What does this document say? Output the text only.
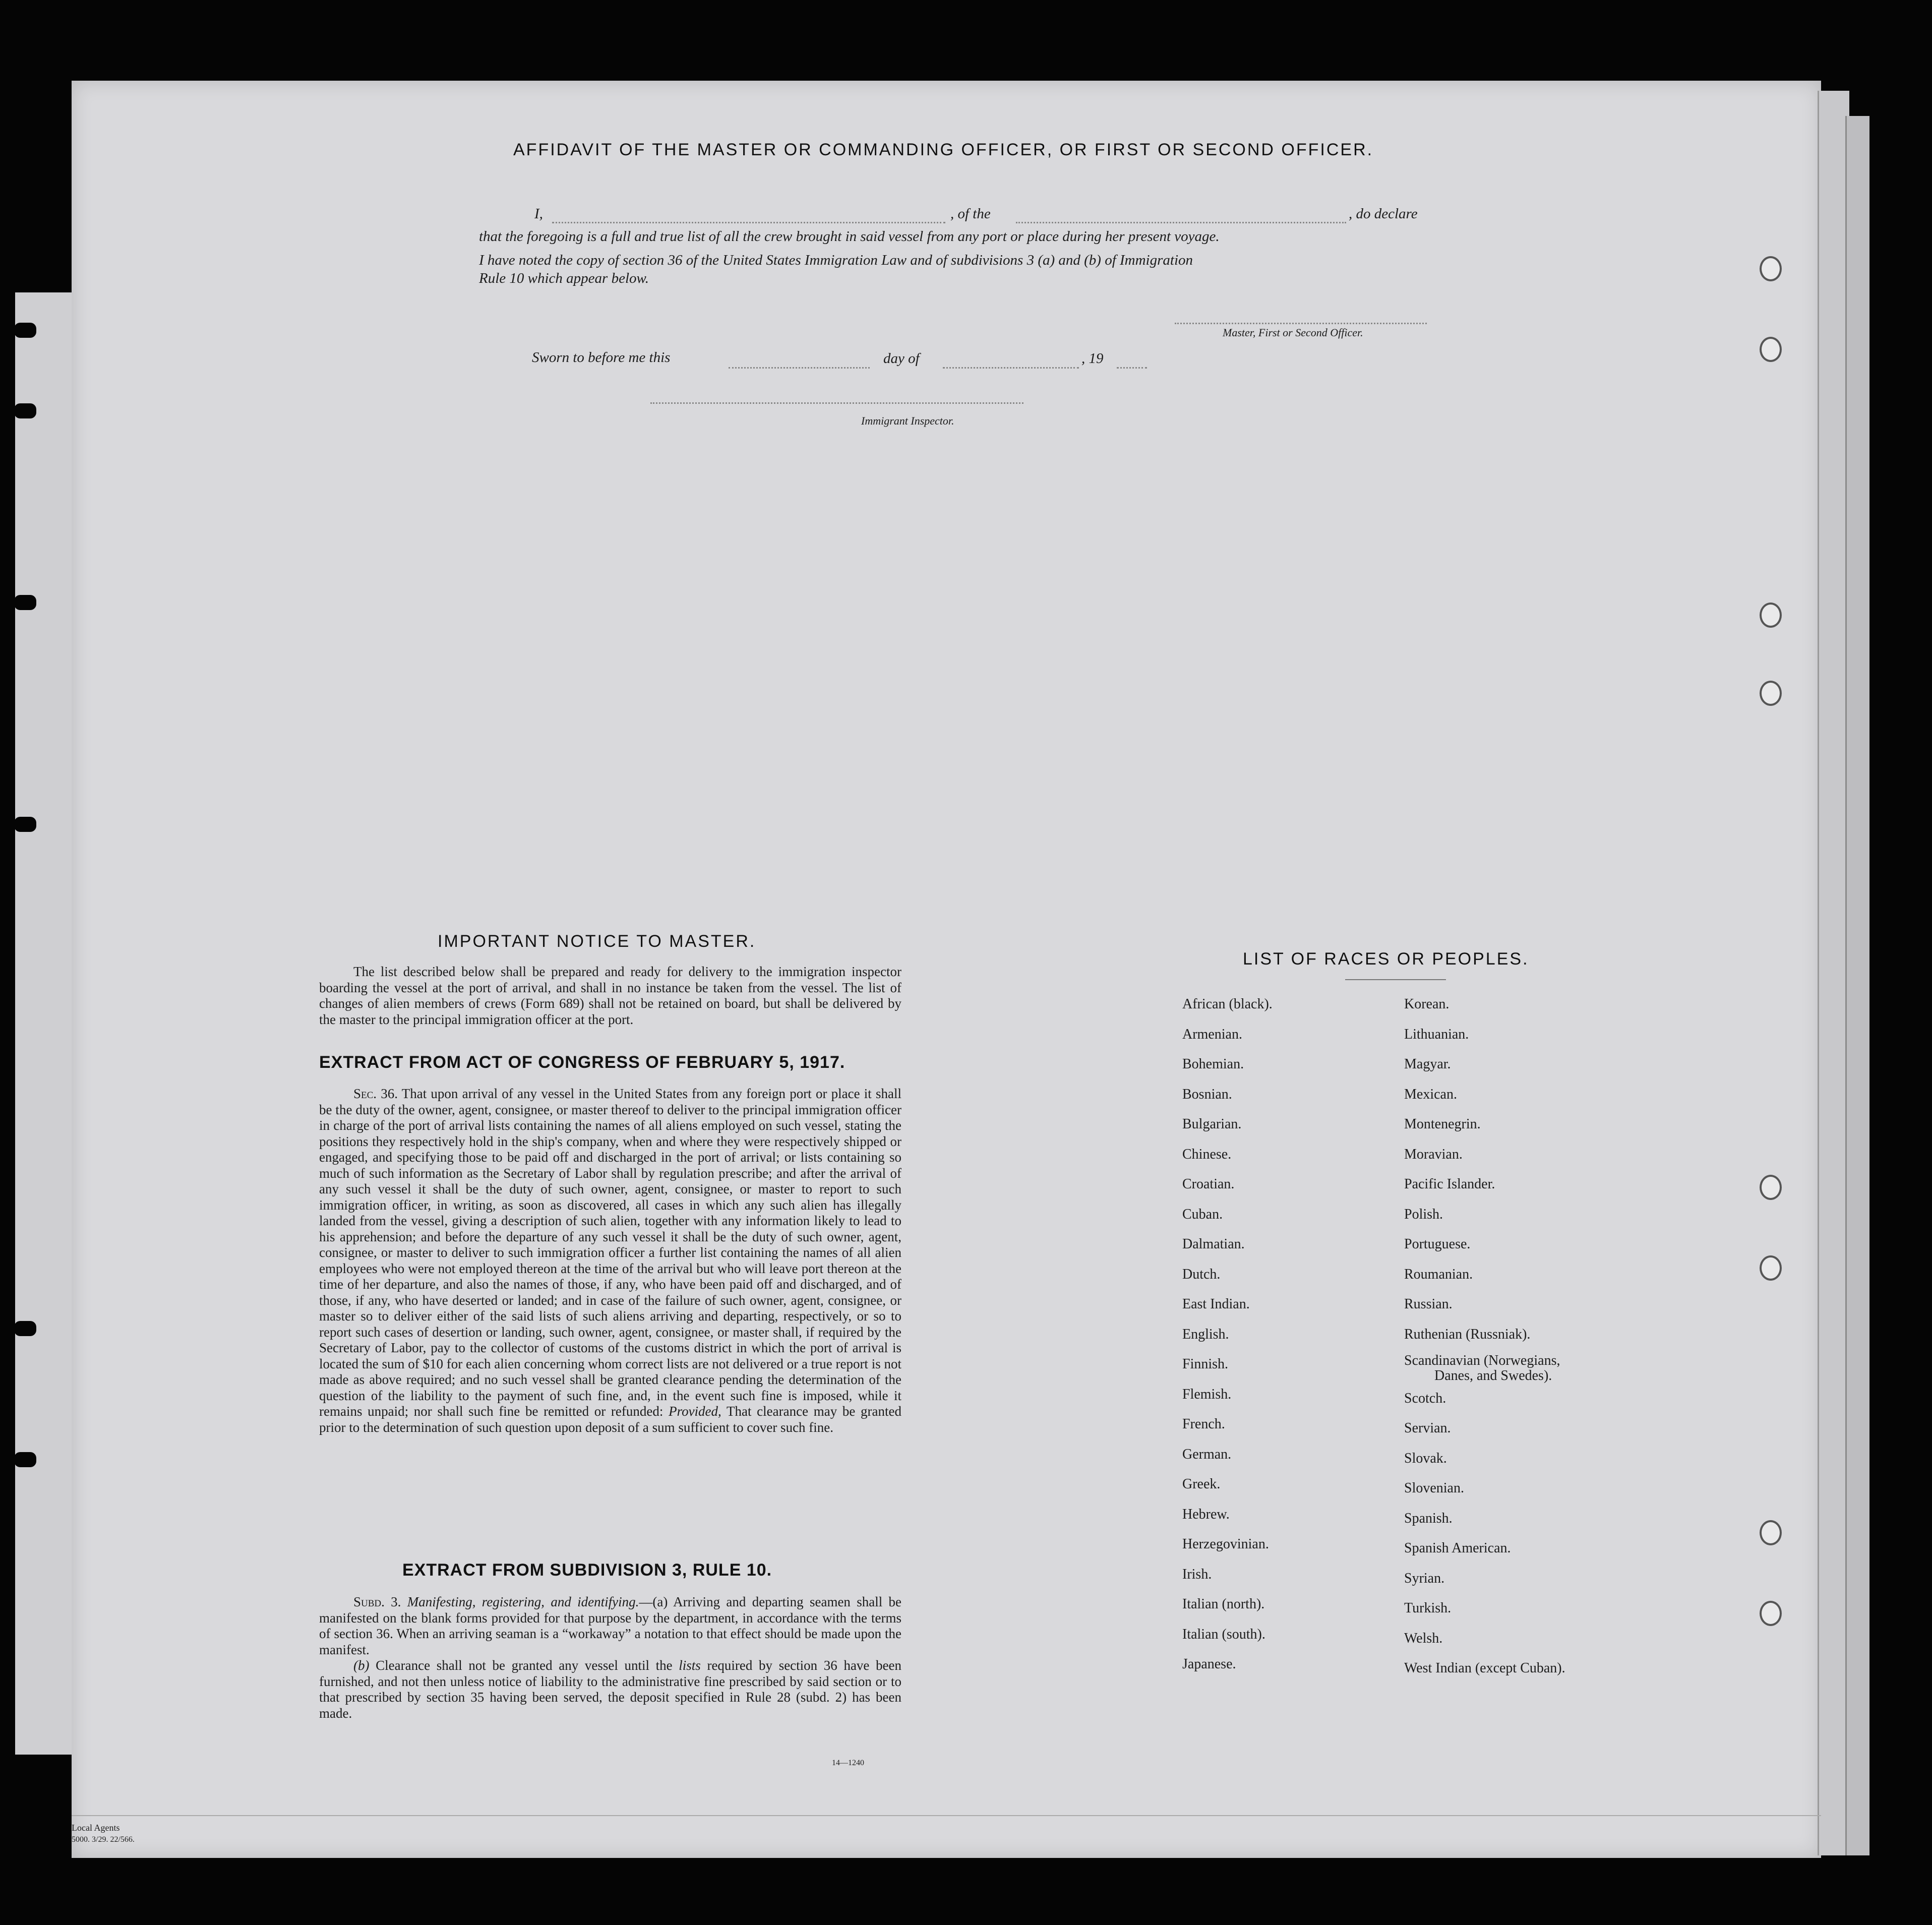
AFFIDAVIT OF THE MASTER OR COMMANDING OFFICER, OR FIRST OR SECOND OFFICER.
I,	, of the	, do declare
that the foregoing is a full and true list of all the crew brought in said vessel from any port or place during her present voyage.
I have noted the copy of section 36 of the United States Immigration Law and of subdivisions 3 (a) and (b) of Immigration
Rule 10 which appear below.
Master, First or Second Officer.
Sworn to before me this	day of	, 19
Immigrant Inspector.
IMPORTANT NOTICE TO MASTER.
The list described below shall be prepared and ready for delivery to the immigration inspector boarding the vessel at the port of arrival, and shall in no instance be taken from the vessel. The list of changes of alien members of crews (Form 689) shall not be retained on board, but shall be delivered by the master to the principal immigration officer at the port.
EXTRACT FROM ACT OF CONGRESS OF FEBRUARY 5, 1917.

Sec. 36. That upon arrival of any vessel in the United States from any foreign port or place it shall be the duty of the owner, agent, consignee, or master thereof to deliver to the principal immigration officer in charge of the port of arrival lists containing the names of all aliens employed on such vessel, stating the positions they respectively hold in the ship's company, when and where they were respectively shipped or engaged, and specifying those to be paid off and discharged in the port of arrival; or lists containing so much of such information as the Secretary of Labor shall by regulation prescribe; and after the arrival of any such vessel it shall be the duty of such owner, agent, consignee, or master to report to such immigration officer, in writing, as soon as discovered, all cases in which any such alien has illegally landed from the vessel, giving a description of such alien, together with any information likely to lead to his apprehension; and before the departure of any such vessel it shall be the duty of such owner, agent, consignee, or master to deliver to such immigration officer a further list containing the names of all alien employees who were not employed thereon at the time of the arrival but who will leave port thereon at the time of her departure, and also the names of those, if any, who have been paid off and discharged, and of those, if any, who have deserted or landed; and in case of the failure of such owner, agent, consignee, or master so to deliver either of the said lists of such aliens arriving and departing, respectively, or so to report such cases of desertion or landing, such owner, agent, consignee, or master shall, if required by the Secretary of Labor, pay to the collector of customs of the customs district in which the port of arrival is located the sum of $10 for each alien concerning whom correct lists are not delivered or a true report is not made as above required; and no such vessel shall be granted clearance pending the determination of the question of the liability to the payment of such fine, and, in the event such fine is imposed, while it remains unpaid; nor shall such fine be remitted or refunded: Provided, That clearance may be granted prior to the determination of such question upon deposit of a sum sufficient to cover such fine.

EXTRACT FROM SUBDIVISION 3, RULE 10.

Subd. 3. Manifesting, registering, and identifying.—(a) Arriving and departing seamen shall be manifested on the blank forms provided for that purpose by the department, in accordance with the terms of section 36. When an arriving seaman is a “workaway” a notation to that effect should be made upon the manifest.

(b) Clearance shall not be granted any vessel until the lists required by section 36 have been furnished, and not then unless notice of liability to the administrative fine prescribed by said section or to that prescribed by section 35 having been served, the deposit specified in Rule 28 (subd. 2) has been made.

14—1240
LIST OF RACES OR PEOPLES.
African (black).
Armenian.
Bohemian.
Bosnian.
Bulgarian.
Chinese.
Croatian.
Cuban.
Dalmatian.
Dutch.
East Indian.
English.
Finnish.
Flemish.
French.
German.
Greek.
Hebrew.
Herzegovinian.
Irish.
Italian (north).
Italian (south).
Japanese.
Korean.
Lithuanian.
Magyar.
Mexican.
Montenegrin.
Moravian.
Pacific Islander.
Polish.
Portuguese.
Roumanian.
Russian.
Ruthenian (Russniak).
Scandinavian (Norwegians,
Danes, and Swedes).
Scotch.
Servian.
Slovak.
Slovenian.
Spanish.
Spanish American.
Syrian.
Turkish.
Welsh.
West Indian (except Cuban).
Local Agents
5000. 3/29. 22/566.
